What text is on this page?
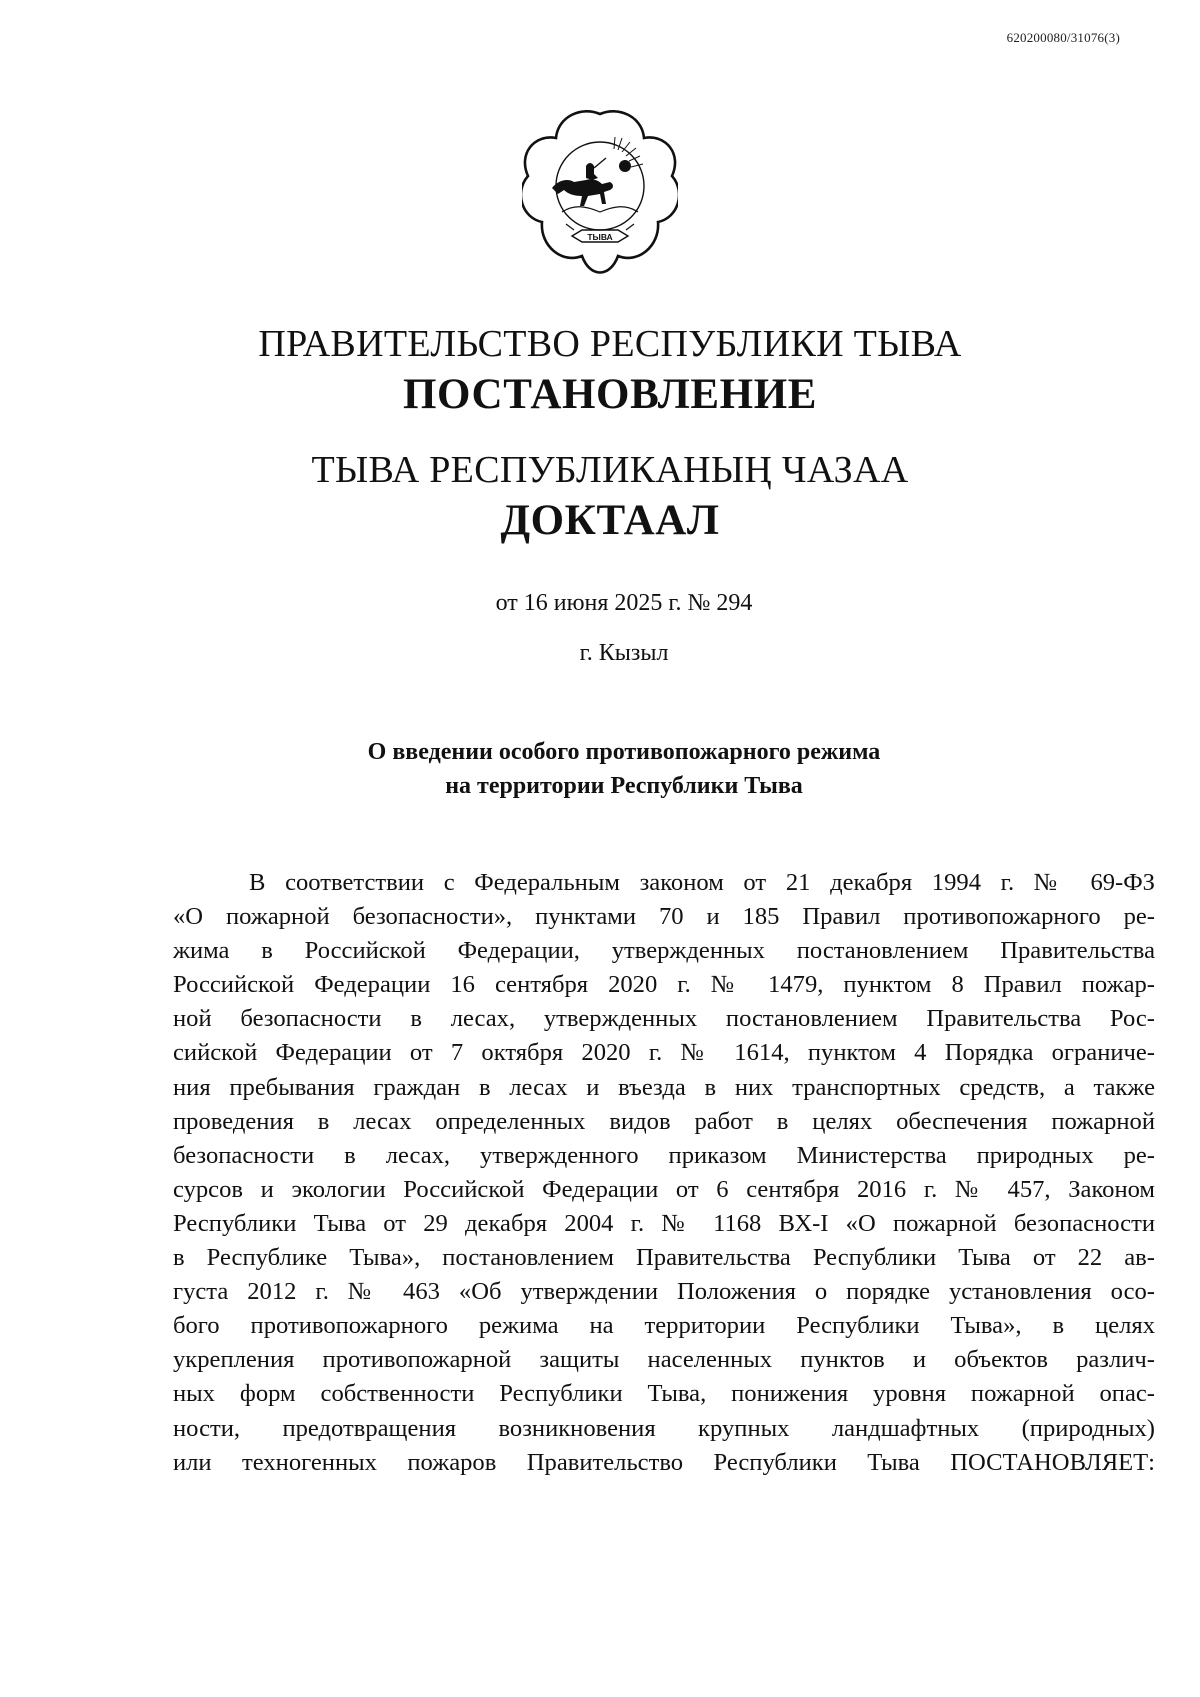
620200080/31076(3)
ТЫВА
ПРАВИТЕЛЬСТВО РЕСПУБЛИКИ ТЫВА
ПОСТАНОВЛЕНИЕ
ТЫВА РЕСПУБЛИКАНЫҢ ЧАЗАА
ДОКТААЛ
от 16 июня 2025 г. № 294
г. Кызыл
О введении особого противопожарного режима
на территории Республики Тыва
В соответствии с Федеральным законом от 21 декабря 1994 г. № 69-ФЗ
«О пожарной безопасности», пунктами 70 и 185 Правил противопожарного ре-
жима в Российской Федерации, утвержденных постановлением Правительства
Российской Федерации 16 сентября 2020 г. № 1479, пунктом 8 Правил пожар-
ной безопасности в лесах, утвержденных постановлением Правительства Рос-
сийской Федерации от 7 октября 2020 г. № 1614, пунктом 4 Порядка ограниче-
ния пребывания граждан в лесах и въезда в них транспортных средств, а также
проведения в лесах определенных видов работ в целях обеспечения пожарной
безопасности в лесах, утвержденного приказом Министерства природных ре-
сурсов и экологии Российской Федерации от 6 сентября 2016 г. № 457, Законом
Республики Тыва от 29 декабря 2004 г. № 1168 ВХ-I «О пожарной безопасности
в Республике Тыва», постановлением Правительства Республики Тыва от 22 ав-
густа 2012 г. № 463 «Об утверждении Положения о порядке установления осо-
бого противопожарного режима на территории Республики Тыва», в целях
укрепления противопожарной защиты населенных пунктов и объектов различ-
ных форм собственности Республики Тыва, понижения уровня пожарной опас-
ности, предотвращения возникновения крупных ландшафтных (природных)
или техногенных пожаров Правительство Республики Тыва ПОСТАНОВЛЯЕТ:
